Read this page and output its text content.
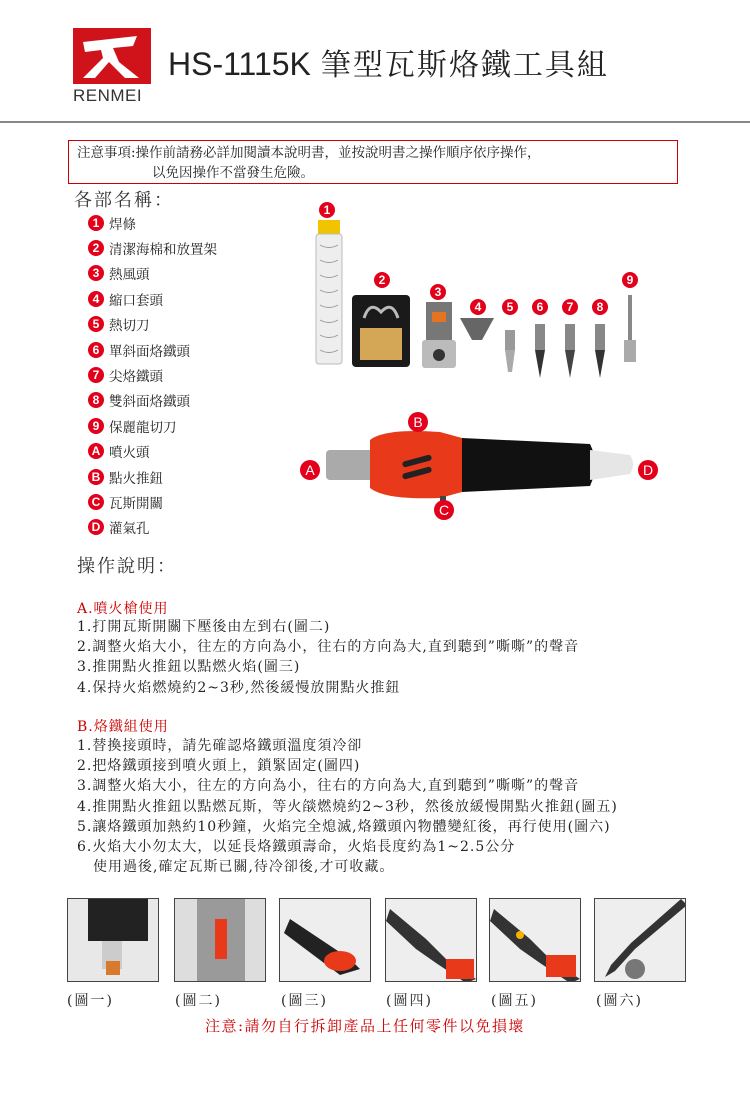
RENMEI
HS-1115K 筆型瓦斯烙鐵工具組
注意事項:操作前請務必詳加閱讀本說明書，並按說明書之操作順序依序操作，
以免因操作不當發生危險。
各部名稱：
1 焊條
2 清潔海棉和放置架
3 熱風頭
4 縮口套頭
5 熱切刀
6 單斜面烙鐵頭
7 尖烙鐵頭
8 雙斜面烙鐵頭
9 保麗龍切刀
A 噴火頭
B 點火推鈕
C 瓦斯開關
D 灌氣孔
1
2
3
4	5	6	7	8
9
A
B
C
D
操作說明：
A.噴火槍使用
1.打開瓦斯開關下壓後由左到右(圖二)
2.調整火焰大小，往左的方向為小，往右的方向為大,直到聽到”嘶嘶”的聲音
3.推開點火推鈕以點燃火焰(圖三)
4.保持火焰燃燒約2~3秒,然後緩慢放開點火推鈕
B.烙鐵組使用
1.替換接頭時，請先確認烙鐵頭溫度須冷卻
2.把烙鐵頭接到噴火頭上，鎖緊固定(圖四)
3.調整火焰大小，往左的方向為小，往右的方向為大,直到聽到”嘶嘶”的聲音
4.推開點火推鈕以點燃瓦斯，等火燄燃燒約2~3秒，然後放緩慢開點火推鈕(圖五)
5.讓烙鐵頭加熱約10秒鐘，火焰完全熄滅,烙鐵頭內物體變紅後，再行使用(圖六)
6.火焰大小勿太大，以延長烙鐵頭壽命，火焰長度約為1~2.5公分
使用過後,確定瓦斯已關,待冷卻後,才可收藏。
(圖一)	(圖二)	(圖三)	(圖四)	(圖五)	(圖六)
注意:請勿自行拆卸產品上任何零件以免損壞
